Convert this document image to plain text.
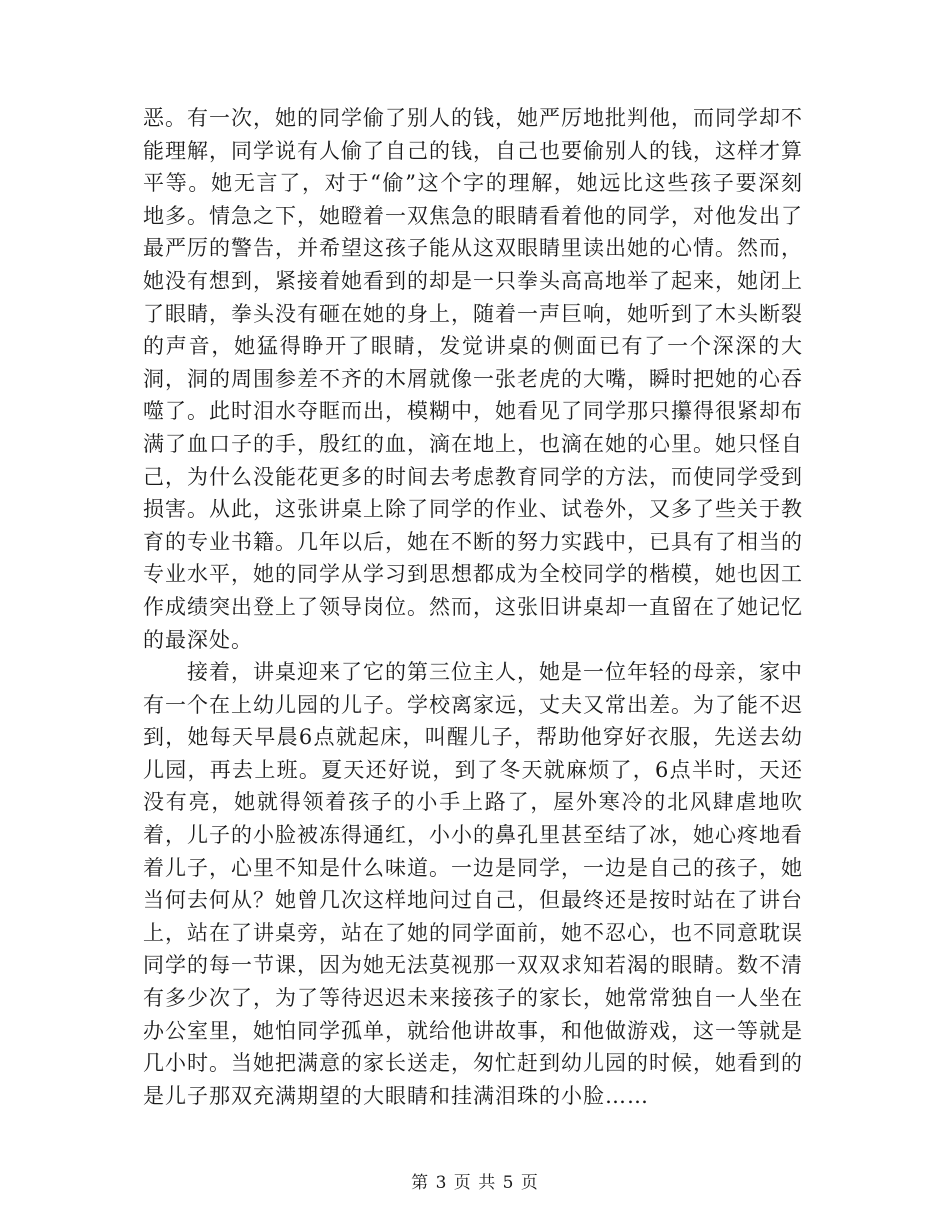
恶。有一次，她的同学偷了别人的钱，她严厉地批判他，而同学却不能理解，同学说有人偷了自己的钱，自己也要偷别人的钱，这样才算平等。她无言了，对于“偷”这个字的理解，她远比这些孩子要深刻地多。情急之下，她瞪着一双焦急的眼睛看着他的同学，对他发出了最严厉的警告，并希望这孩子能从这双眼睛里读出她的心情。然而，她没有想到，紧接着她看到的却是一只拳头高高地举了起来，她闭上了眼睛，拳头没有砸在她的身上，随着一声巨响，她听到了木头断裂的声音，她猛得睁开了眼睛，发觉讲桌的侧面已有了一个深深的大洞，洞的周围参差不齐的木屑就像一张老虎的大嘴，瞬时把她的心吞噬了。此时泪水夺眶而出，模糊中，她看见了同学那只攥得很紧却布满了血口子的手，殷红的血，滴在地上，也滴在她的心里。她只怪自己，为什么没能花更多的时间去考虑教育同学的方法，而使同学受到损害。从此，这张讲桌上除了同学的作业、试卷外，又多了些关于教育的专业书籍。几年以后，她在不断的努力实践中，已具有了相当的专业水平，她的同学从学习到思想都成为全校同学的楷模，她也因工作成绩突出登上了领导岗位。然而，这张旧讲桌却一直留在了她记忆的最深处。

接着，讲桌迎来了它的第三位主人，她是一位年轻的母亲，家中有一个在上幼儿园的儿子。学校离家远，丈夫又常出差。为了能不迟到，她每天早晨6点就起床，叫醒儿子，帮助他穿好衣服，先送去幼儿园，再去上班。夏天还好说，到了冬天就麻烦了，6点半时，天还没有亮，她就得领着孩子的小手上路了，屋外寒冷的北风肆虐地吹着，儿子的小脸被冻得通红，小小的鼻孔里甚至结了冰，她心疼地看着儿子，心里不知是什么味道。一边是同学，一边是自己的孩子，她当何去何从？她曾几次这样地问过自己，但最终还是按时站在了讲台上，站在了讲桌旁，站在了她的同学面前，她不忍心，也不同意耽误同学的每一节课，因为她无法莫视那一双双求知若渴的眼睛。数不清有多少次了，为了等待迟迟未来接孩子的家长，她常常独自一人坐在办公室里，她怕同学孤单，就给他讲故事，和他做游戏，这一等就是几小时。当她把满意的家长送走，匆忙赶到幼儿园的时候，她看到的是儿子那双充满期望的大眼睛和挂满泪珠的小脸……

第 3 页 共 5 页
